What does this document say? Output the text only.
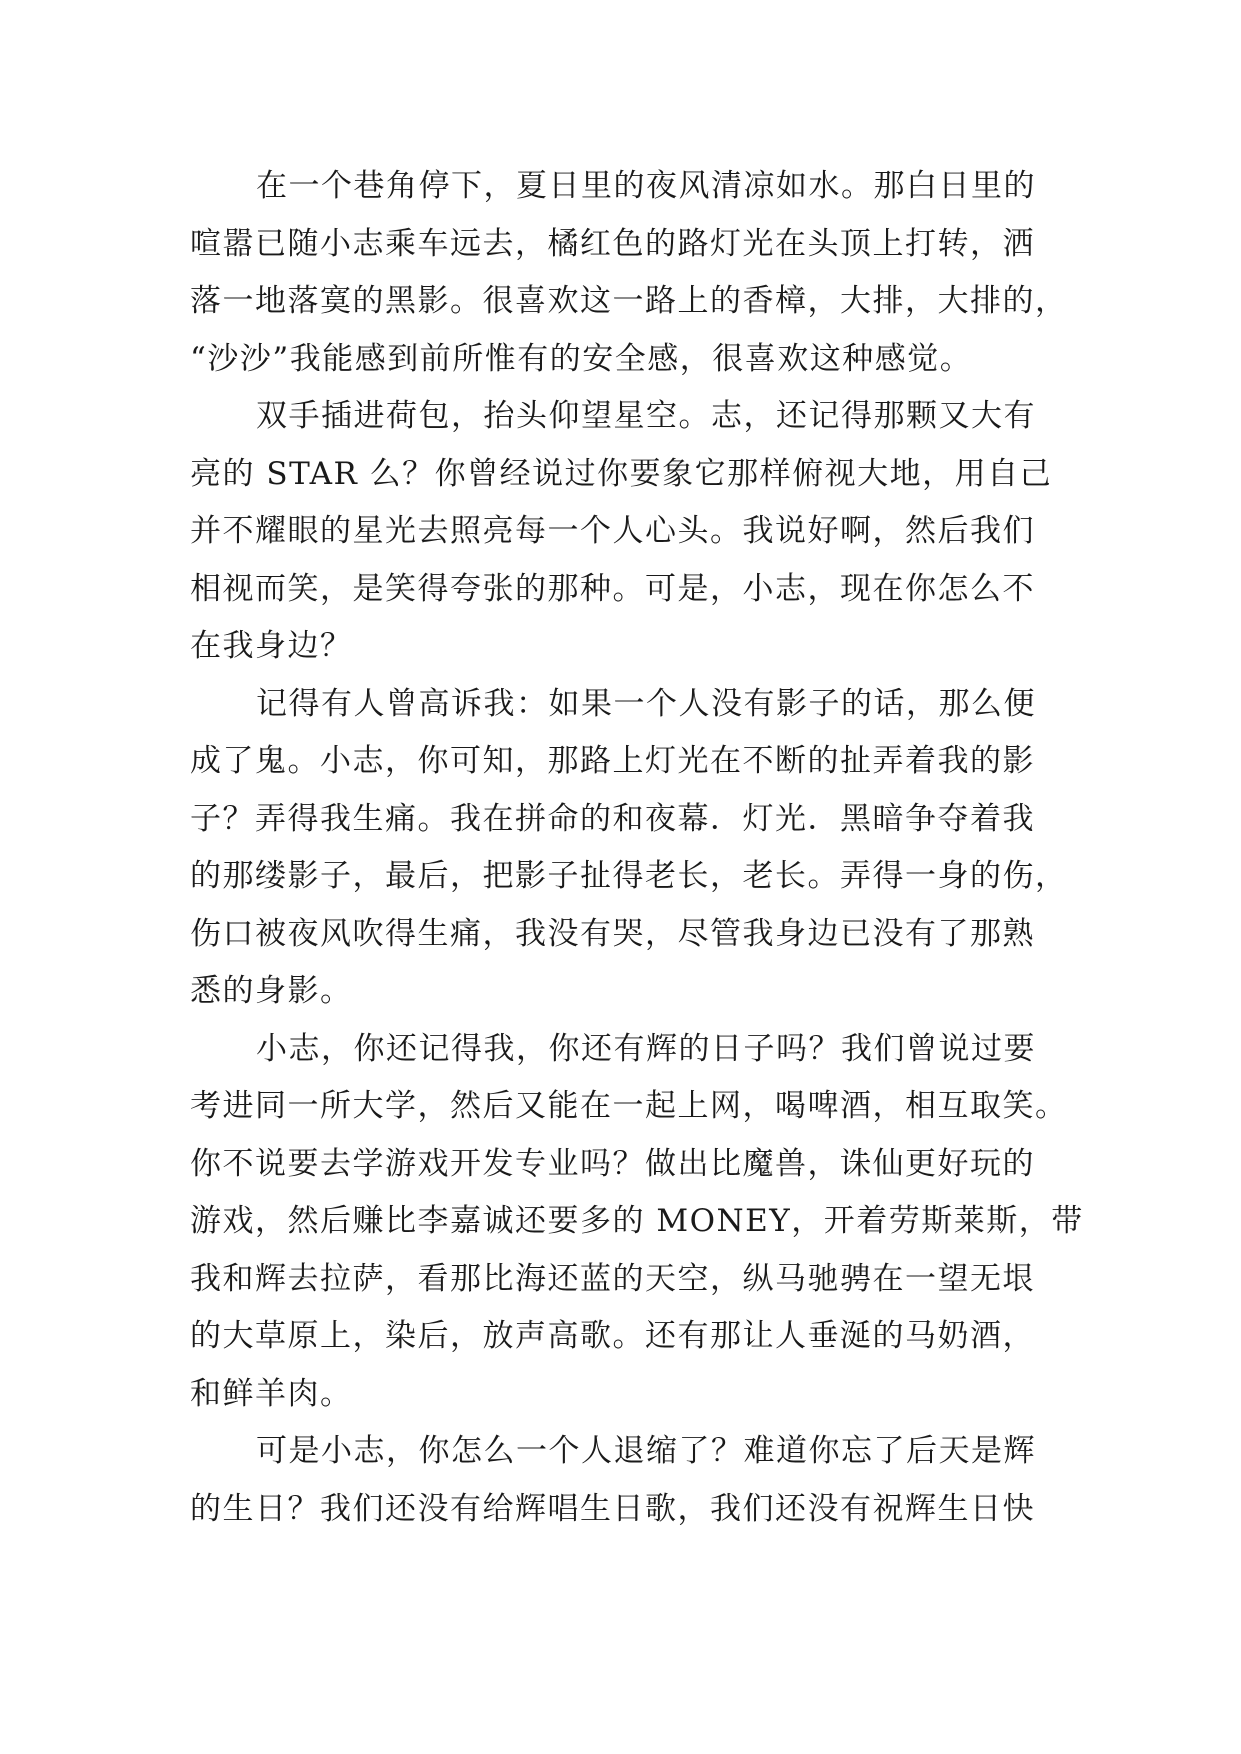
在一个巷角停下，夏日里的夜风清凉如水。那白日里的
喧嚣已随小志乘车远去，橘红色的路灯光在头顶上打转，洒
落一地落寞的黑影。很喜欢这一路上的香樟，大排，大排的，
“沙沙”我能感到前所惟有的安全感，很喜欢这种感觉。
双手插进荷包，抬头仰望星空。志，还记得那颗又大有
亮的 STAR 么？你曾经说过你要象它那样俯视大地，用自己
并不耀眼的星光去照亮每一个人心头。我说好啊，然后我们
相视而笑，是笑得夸张的那种。可是，小志，现在你怎么不
在我身边？
记得有人曾高诉我：如果一个人没有影子的话，那么便
成了鬼。小志，你可知，那路上灯光在不断的扯弄着我的影
子？弄得我生痛。我在拼命的和夜幕．灯光．黑暗争夺着我
的那缕影子，最后，把影子扯得老长，老长。弄得一身的伤，
伤口被夜风吹得生痛，我没有哭，尽管我身边已没有了那熟
悉的身影。
小志，你还记得我，你还有辉的日子吗？我们曾说过要
考进同一所大学，然后又能在一起上网，喝啤酒，相互取笑。
你不说要去学游戏开发专业吗？做出比魔兽，诛仙更好玩的
游戏，然后赚比李嘉诚还要多的 MONEY，开着劳斯莱斯，带
我和辉去拉萨，看那比海还蓝的天空，纵马驰骋在一望无垠
的大草原上，染后，放声高歌。还有那让人垂涎的马奶酒，
和鲜羊肉。
可是小志，你怎么一个人退缩了？难道你忘了后天是辉
的生日？我们还没有给辉唱生日歌，我们还没有祝辉生日快
